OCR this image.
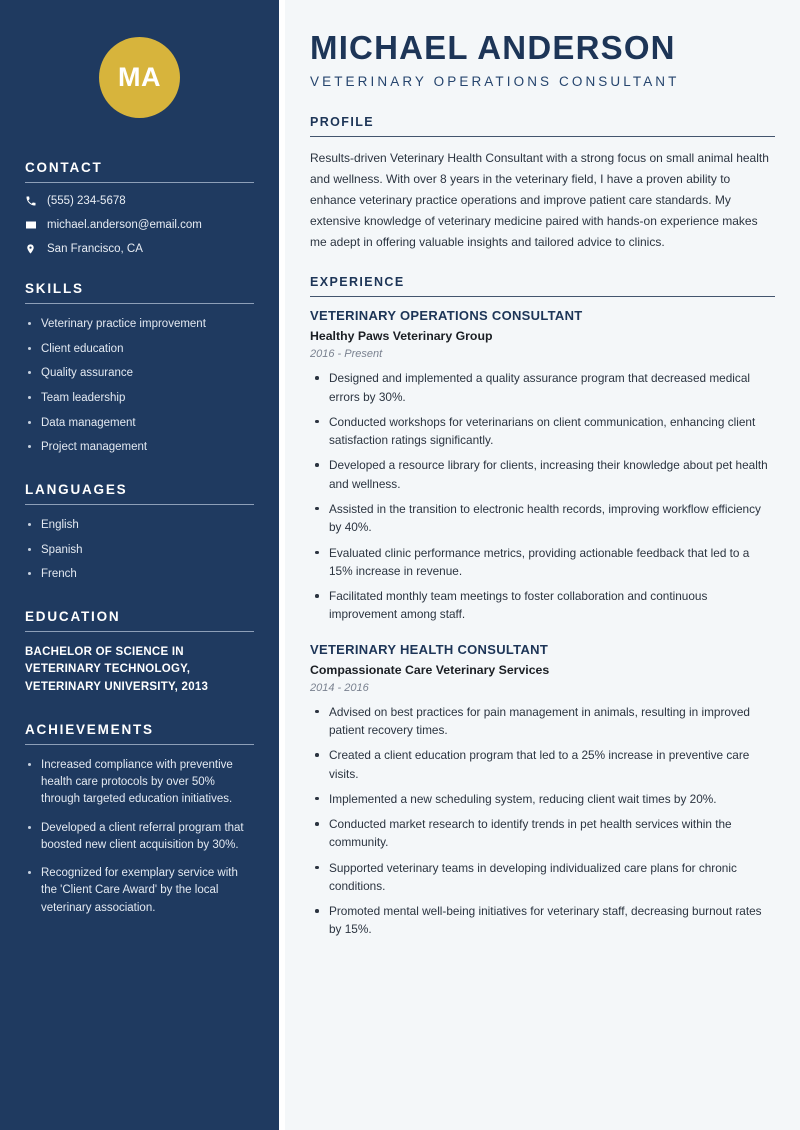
MA
CONTACT
(555) 234-5678
michael.anderson@email.com
San Francisco, CA
SKILLS
Veterinary practice improvement
Client education
Quality assurance
Team leadership
Data management
Project management
LANGUAGES
English
Spanish
French
EDUCATION
BACHELOR OF SCIENCE IN VETERINARY TECHNOLOGY, VETERINARY UNIVERSITY, 2013
ACHIEVEMENTS
Increased compliance with preventive health care protocols by over 50% through targeted education initiatives.
Developed a client referral program that boosted new client acquisition by 30%.
Recognized for exemplary service with the 'Client Care Award' by the local veterinary association.
MICHAEL ANDERSON
VETERINARY OPERATIONS CONSULTANT
PROFILE

Results-driven Veterinary Health Consultant with a strong focus on small animal health and wellness. With over 8 years in the veterinary field, I have a proven ability to enhance veterinary practice operations and improve patient care standards. My extensive knowledge of veterinary medicine paired with hands-on experience makes me adept in offering valuable insights and tailored advice to clinics.

EXPERIENCE
VETERINARY OPERATIONS CONSULTANT
Healthy Paws Veterinary Group
2016 - Present
Designed and implemented a quality assurance program that decreased medical errors by 30%.
Conducted workshops for veterinarians on client communication, enhancing client satisfaction ratings significantly.
Developed a resource library for clients, increasing their knowledge about pet health and wellness.
Assisted in the transition to electronic health records, improving workflow efficiency by 40%.
Evaluated clinic performance metrics, providing actionable feedback that led to a 15% increase in revenue.
Facilitated monthly team meetings to foster collaboration and continuous improvement among staff.
VETERINARY HEALTH CONSULTANT
Compassionate Care Veterinary Services
2014 - 2016
Advised on best practices for pain management in animals, resulting in improved patient recovery times.
Created a client education program that led to a 25% increase in preventive care visits.
Implemented a new scheduling system, reducing client wait times by 20%.
Conducted market research to identify trends in pet health services within the community.
Supported veterinary teams in developing individualized care plans for chronic conditions.
Promoted mental well-being initiatives for veterinary staff, decreasing burnout rates by 15%.
